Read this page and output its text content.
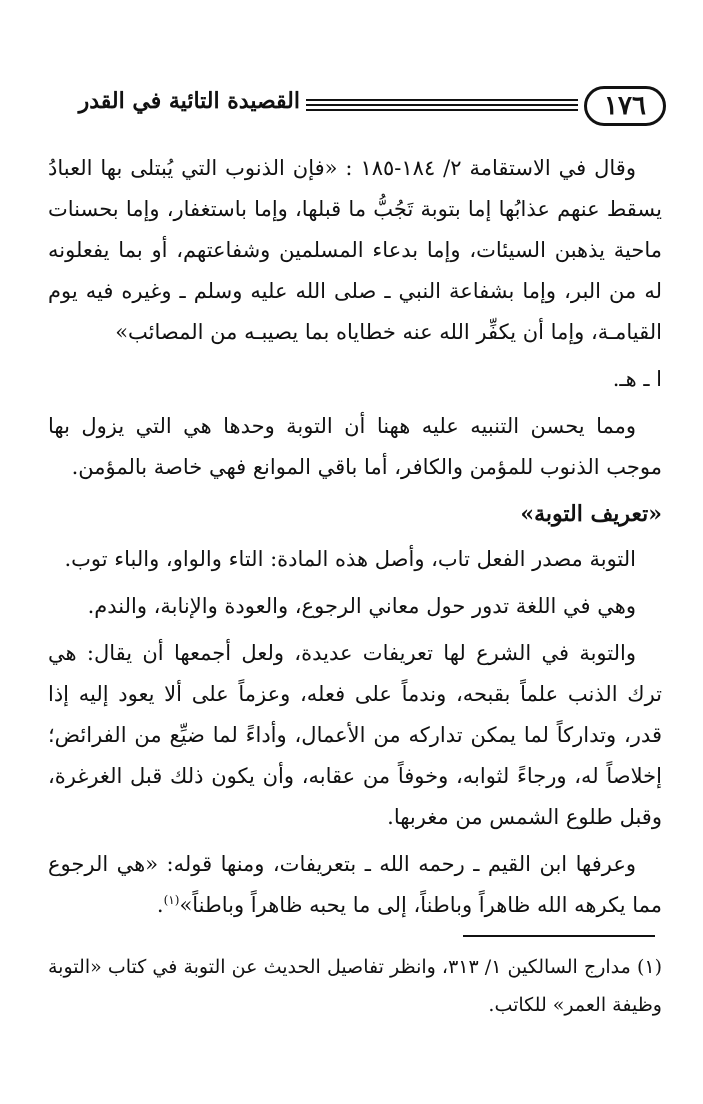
١٧٦
القصيدة التائية في القدر

وقال في الاستقامة ٢/ ١٨٤-١٨٥ : «فإن الذنوب التي يُبتلى بها العبادُ يسقط عنهم عذابُها إما بتوبة تَجُبُّ ما قبلها، وإما باستغفار، وإما بحسنات ماحية يذهبن السيئات، وإما بدعاء المسلمين وشفاعتهم، أو بما يفعلونه له من البر، وإما بشفاعة النبي ـ صلى الله عليه وسلم ـ وغيره فيه يوم القيامـة، وإما أن يكفِّر الله عنه خطاياه بما يصيبـه من المصائب»

ا ـ هـ.

ومما يحسن التنبيه عليه ههنا أن التوبة وحدها هي التي يزول بها موجب الذنوب للمؤمن والكافر، أما باقي الموانع فهي خاصة بالمؤمن.

«تعريف التوبة»

التوبة مصدر الفعل تاب، وأصل هذه المادة: التاء والواو، والباء توب.

وهي في اللغة تدور حول معاني الرجوع، والعودة والإنابة، والندم.

والتوبة في الشرع لها تعريفات عديدة، ولعل أجمعها أن يقال: هي ترك الذنب علماً بقبحه، وندماً على فعله، وعزماً على ألا يعود إليه إذا قدر، وتداركاً لما يمكن تداركه من الأعمال، وأداءً لما ضيِّع من الفرائض؛ إخلاصاً له، ورجاءً لثوابه، وخوفاً من عقابه، وأن يكون ذلك قبل الغرغرة، وقبل طلوع الشمس من مغربها.

وعرفها ابن القيم ـ رحمه الله ـ بتعريفات، ومنها قوله: «هي الرجوع مما يكرهه الله ظاهراً وباطناً، إلى ما يحبه ظاهراً وباطناً»$^{(١)}$.

(١) مدارج السالكين ١/ ٣١٣، وانظر تفاصيل الحديث عن التوبة في كتاب «التوبة وظيفة العمر» للكاتب.
